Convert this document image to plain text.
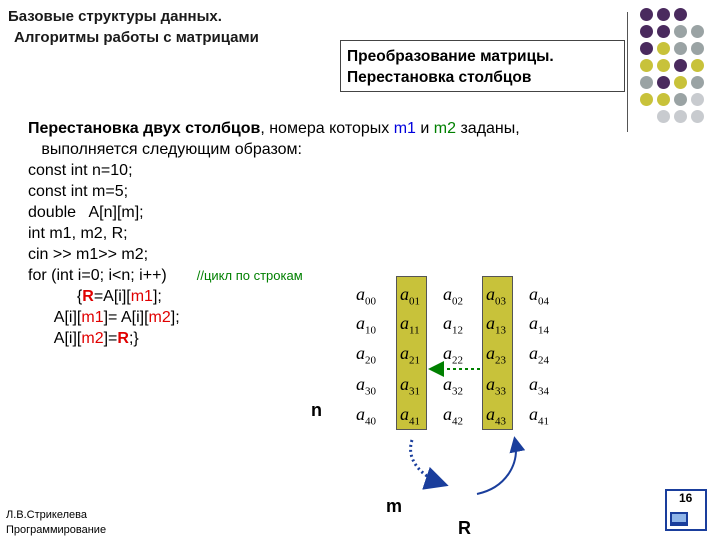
Базовые структуры данных.
Алгоритмы работы с матрицами
Преобразование матрицы.
Перестановка столбцов
Перестановка двух столбцов, номера которых m1 и m2 заданы,
выполняется следующим образом:
const int n=10;
const int m=5;
double   A[n][m];
int m1, m2, R;
cin >> m1>> m2;
for (int i=0; i<n; i++) //цикл по строкам
{R=A[i][m1];
A[i][m1]= A[i][m2];
A[i][m2]=R;}
$a_{00}$ $a_{01}$ $a_{02}$ $a_{03}$ $a_{04}$
$a_{10}$ $a_{11}$ $a_{12}$ $a_{13}$ $a_{14}$
$a_{20}$ $a_{21}$ $a_{22}$ $a_{23}$ $a_{24}$
$a_{30}$ $a_{31}$ $a_{32}$ $a_{33}$ $a_{34}$
$a_{40}$ $a_{41}$ $a_{42}$ $a_{43}$ $a_{41}$
n
m
R
Л.В.Стрикелева
Программирование
16
